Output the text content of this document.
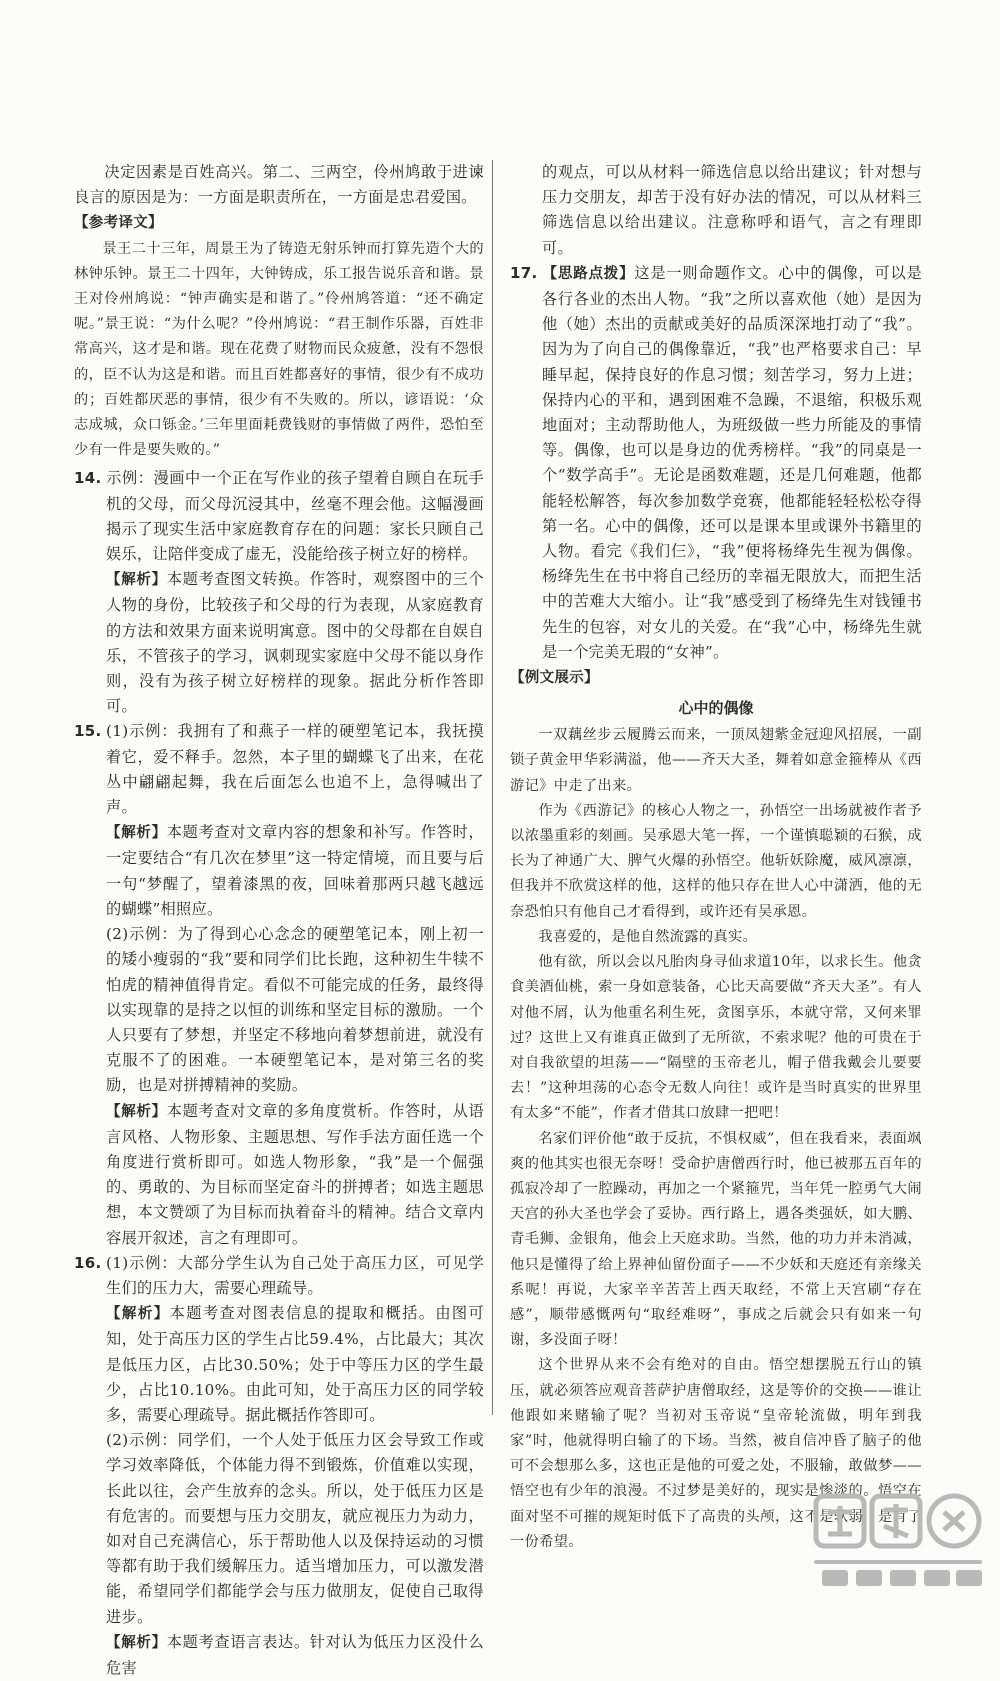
决定因素是百姓高兴。第二、三两空，伶州鸠敢于进谏良言的原因是为：一方面是职责所在，一方面是忠君爱国。

【参考译文】

景王二十三年，周景王为了铸造无射乐钟而打算先造个大的林钟乐钟。景王二十四年，大钟铸成，乐工报告说乐音和谐。景王对伶州鸠说：“钟声确实是和谐了。”伶州鸠答道：“还不确定呢。”景王说：“为什么呢？”伶州鸠说：“君王制作乐器，百姓非常高兴，这才是和谐。现在花费了财物而民众疲惫，没有不怨恨的，臣不认为这是和谐。而且百姓都喜好的事情，很少有不成功的；百姓都厌恶的事情，很少有不失败的。所以，谚语说：‘众志成城，众口铄金。’三年里面耗费钱财的事情做了两件，恐怕至少有一件是要失败的。”

14. 示例：漫画中一个正在写作业的孩子望着自顾自在玩手机的父母，而父母沉浸其中，丝毫不理会他。这幅漫画揭示了现实生活中家庭教育存在的问题：家长只顾自己娱乐，让陪伴变成了虚无，没能给孩子树立好的榜样。

【解析】本题考查图文转换。作答时，观察图中的三个人物的身份，比较孩子和父母的行为表现，从家庭教育的方法和效果方面来说明寓意。图中的父母都在自娱自乐，不管孩子的学习，讽刺现实家庭中父母不能以身作则，没有为孩子树立好榜样的现象。据此分析作答即可。

15. (1)示例：我拥有了和燕子一样的硬塑笔记本，我抚摸着它，爱不释手。忽然，本子里的蝴蝶飞了出来，在花丛中翩翩起舞，我在后面怎么也追不上，急得喊出了声。

【解析】本题考查对文章内容的想象和补写。作答时，一定要结合“有几次在梦里”这一特定情境，而且要与后一句“梦醒了，望着漆黑的夜，回味着那两只越飞越远的蝴蝶”相照应。

(2)示例：为了得到心心念念的硬塑笔记本，刚上初一的矮小瘦弱的“我”要和同学们比长跑，这种初生牛犊不怕虎的精神值得肯定。看似不可能完成的任务，最终得以实现靠的是持之以恒的训练和坚定目标的激励。一个人只要有了梦想，并坚定不移地向着梦想前进，就没有克服不了的困难。一本硬塑笔记本，是对第三名的奖励，也是对拼搏精神的奖励。

【解析】本题考查对文章的多角度赏析。作答时，从语言风格、人物形象、主题思想、写作手法方面任选一个角度进行赏析即可。如选人物形象，“我”是一个倔强的、勇敢的、为目标而坚定奋斗的拼搏者；如选主题思想，本文赞颂了为目标而执着奋斗的精神。结合文章内容展开叙述，言之有理即可。

16. (1)示例：大部分学生认为自己处于高压力区，可见学生们的压力大，需要心理疏导。

【解析】本题考查对图表信息的提取和概括。由图可知，处于高压力区的学生占比59.4%，占比最大；其次是低压力区，占比30.50%；处于中等压力区的学生最少，占比10.10%。由此可知，处于高压力区的同学较多，需要心理疏导。据此概括作答即可。

(2)示例：同学们，一个人处于低压力区会导致工作或学习效率降低，个体能力得不到锻炼，价值难以实现，长此以往，会产生放弃的念头。所以，处于低压力区是有危害的。而要想与压力交朋友，就应视压力为动力，如对自己充满信心，乐于帮助他人以及保持运动的习惯等都有助于我们缓解压力。适当增加压力，可以激发潜能，希望同学们都能学会与压力做朋友，促使自己取得进步。

【解析】本题考查语言表达。针对认为低压力区没什么危害

的观点，可以从材料一筛选信息以给出建议；针对想与压力交朋友，却苦于没有好办法的情况，可以从材料三筛选信息以给出建议。注意称呼和语气，言之有理即可。

17. 【思路点拨】这是一则命题作文。心中的偶像，可以是各行各业的杰出人物。“我”之所以喜欢他（她）是因为他（她）杰出的贡献或美好的品质深深地打动了“我”。因为为了向自己的偶像靠近，“我”也严格要求自己：早睡早起，保持良好的作息习惯；刻苦学习，努力上进；保持内心的平和，遇到困难不急躁，不退缩，积极乐观地面对；主动帮助他人，为班级做一些力所能及的事情等。偶像，也可以是身边的优秀榜样。“我”的同桌是一个“数学高手”。无论是函数难题，还是几何难题，他都能轻松解答，每次参加数学竞赛，他都能轻轻松松夺得第一名。心中的偶像，还可以是课本里或课外书籍里的人物。看完《我们仨》，“我”便将杨绛先生视为偶像。杨绛先生在书中将自己经历的幸福无限放大，而把生活中的苦难大大缩小。让“我”感受到了杨绛先生对钱锺书先生的包容，对女儿的关爱。在“我”心中，杨绛先生就是一个完美无瑕的“女神”。

【例文展示】

心中的偶像

一双藕丝步云履腾云而来，一顶凤翅紫金冠迎风招展，一副锁子黄金甲华彩满溢，他——齐天大圣，舞着如意金箍棒从《西游记》中走了出来。

作为《西游记》的核心人物之一，孙悟空一出场就被作者予以浓墨重彩的刻画。吴承恩大笔一挥，一个谨慎聪颖的石猴，成长为了神通广大、脾气火爆的孙悟空。他斩妖除魔，威风凛凛，但我并不欣赏这样的他，这样的他只存在世人心中潇洒，他的无奈恐怕只有他自己才看得到，或许还有吴承恩。

我喜爱的，是他自然流露的真实。

他有欲，所以会以凡胎肉身寻仙求道10年，以求长生。他贪食美酒仙桃，索一身如意装备，心比天高要做“齐天大圣”。有人对他不屑，认为他重名利生死，贪图享乐，本就守常，又何来罪过？这世上又有谁真正做到了无所欲，不索求呢？他的可贵在于对自我欲望的坦荡——“隔壁的玉帝老儿，帽子借我戴会儿要要去！”这种坦荡的心态令无数人向往！或许是当时真实的世界里有太多“不能”，作者才借其口放肆一把吧！

名家们评价他“敢于反抗，不惧权威”，但在我看来，表面飒爽的他其实也很无奈呀！受命护唐僧西行时，他已被那五百年的孤寂冷却了一腔躁动，再加之一个紧箍咒，当年凭一腔勇气大闹天宫的孙大圣也学会了妥协。西行路上，遇各类强妖，如大鹏、青毛狮、金银角，他会上天庭求助。当然，他的功力并未消减，他只是懂得了给上界神仙留份面子——不少妖和天庭还有亲缘关系呢！再说，大家辛辛苦苦上西天取经，不常上天宫刷“存在感”，顺带感慨两句“取经难呀”，事成之后就会只有如来一句谢，多没面子呀！

这个世界从来不会有绝对的自由。悟空想摆脱五行山的镇压，就必须答应观音菩萨护唐僧取经，这是等价的交换——谁让他跟如来赌输了呢？当初对玉帝说“皇帝轮流做，明年到我家”时，他就得明白输了的下场。当然，被自信冲昏了脑子的他可不会想那么多，这也正是他的可爱之处，不服输，敢做梦——悟空也有少年的浪漫。不过梦是美好的，现实是惨淡的。悟空在面对坚不可摧的规矩时低下了高贵的头颅，这不是软弱，是有了一份希望。
